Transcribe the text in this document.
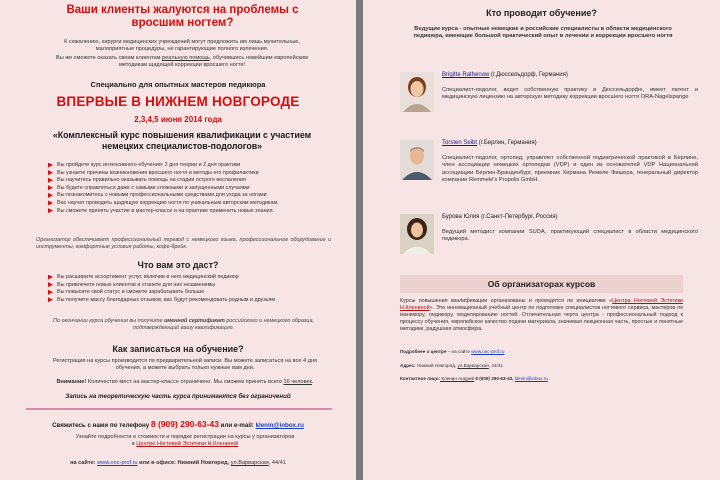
Ваши клиенты жалуются на проблемы с вросшим ногтем?
К сожалению, хирурги медицинских учреждений могут предложить им лишь мучительные, малоприятные процедуры, не гарантирующие полного излечения.
Вы же сможете оказать своим клиентам реальную помощь, обучившись новейшим европейским методикам щадящей коррекции вросшего ногтя!
Специально для опытных мастеров педикюра
ВПЕРВЫЕ В НИЖНЕМ НОВГОРОДЕ
2,3,4,5 июня 2014 года
«Комплексный курс повышения квалификации с участием немецких специалистов-подологов»
Вы пройдете курс интенсивного обучения: 2 дня теории и 2 дня практики
Вы узнаете причины возникновения вросшего ногтя и методы его профилактики
Вы научитесь правильно оказывать помощь на стадии острого воспаления
Вы будете справляться даже с самыми сложными и запущенными случаями
Вы познакомитесь с новыми профессиональными средствами для ухода за ногами
Вас научат проводить щадящую коррекцию ногтя по уникальным авторским методикам.
Вы сможете принять участие в мастер-классе и на практике применить новые знания.
Организатор обеспечивает профессиональный перевод с немецкого языка, профессиональное оборудование и инструменты, комфортные условия работы, кофе-брейк.
Что вам это даст?
Вы расширите ассортимент услуг, включив в него медицинский педикюр
Вы привлечете новых клиентов и станете для них незаменимы
Вы повысите свой статус и сможете зарабатывать больше
Вы получите массу благодарных отзывов, вас будут рекомендовать родным и друзьям
По окончании курса обучения вы получите именной сертификат российского и немецкого образца, подтверждающий вашу квалификацию.
Как записаться на обучение?
Регистрация на курсы производится по предварительной записи. Вы можете записаться на все 4 дня обучения, а можете выбрать только нужные вам дни.
Внимание! Количество мест на мастер-классе ограничено. Мы сможем принять всего 16 человек.
Запись на теоретическую часть курса принимаются без ограничений
Свяжитесь с нами по телефону 8 (909) 290-63-43 или e-mail: klenin@inbox.ru
Узнайте подробности о стоимости и порядке регистрации на курсы у организаторов
в Центре Ногтевой Эстетики Н.Клениной
на сайте: www.onc-prof.ru или в офисе: Нижний Новгород, ул.Варварская, 44/41
Кто проводит обучение?
Ведущие курса - опытные немецкие и российские специалисты в области медицинского педикюра, имеющие большой практический опыт в лечении и коррекции вросшего ногтя
Brigitte Rathenow (г.Дюссельдорф, Германия)
Специалист-подолог, ведет собственную практику в Дюссельдорфе, имеет патент и медицинскую лицензию на авторскую методику коррекции вросшего ногтя ORA-Nagelspange
Torsten Seibt (г.Берлин, Германия)
Специалист-подолог, ортопед, управляет собственной подиатрической практикой в Берлине, член ассоциации немецких ортопедов (VDP) и один из основателей VDP Национальной ассоциации Берлин-Бранденбург, преемник Хермана Ремеле Фишера, генеральный директор компании Remmele's Propolis GmbH.
Бурова Юлия (г.Санкт-Петербург, Россия)
Ведущий методист компании SUDA, практикующий специалист в области медицинского педикюра.
Об организаторах курсов
Курсы повышения квалификации организованы и проводятся по инициативе «Центра Ногтевой Эстетики Н.Клениной». Это инновационный учебный центр по подготовке специалистов ногтевого сервиса, мастеров по маникюру, педикюру, моделированию ногтей. Отличительная черта центра - профессиональный подход к процессу обучения, европейское качество подачи материала, значимая лекционная часть, простые и понятные методики, радушная атмосфера.
Подробнее о центре – на сайте www.onc-prof.ru
Адрес: Нижний Новгород, ул.Варварская, 44/41
Контактное лицо: Кленин Андрей 8 (909) 290-63-43, klenin@inbox.ru
